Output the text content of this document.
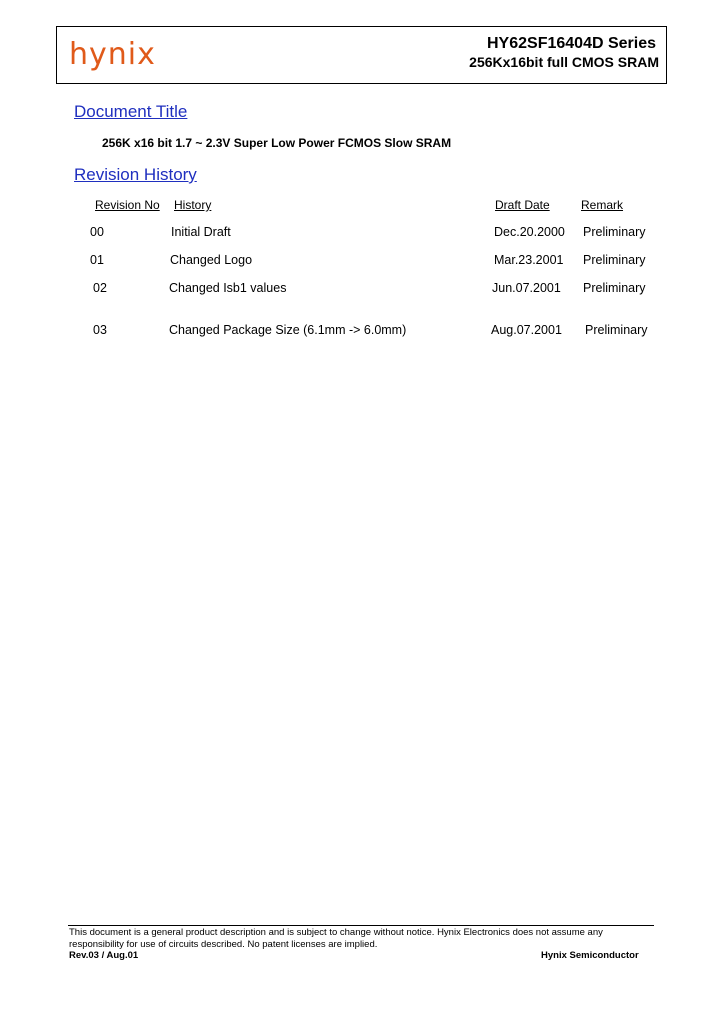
hynix	HY62SF16404D Series
256Kx16bit full CMOS SRAM
Document Title
256K x16 bit 1.7 ~ 2.3V Super Low Power FCMOS Slow SRAM
Revision History
Revision No History	Draft Date	Remark
00	Initial Draft	Dec.20.2000 Preliminary
01	Changed Logo	Mar.23.2001 Preliminary
02	Changed Isb1 values	Jun.07.2001 Preliminary
03	Changed Package Size (6.1mm -> 6.0mm)	Aug.07.2001 Preliminary
This document is a general product description and is subject to change without notice. Hynix Electronics does not assume any responsibility for use of circuits described. No patent licenses are implied.
Rev.03 / Aug.01	Hynix Semiconductor
